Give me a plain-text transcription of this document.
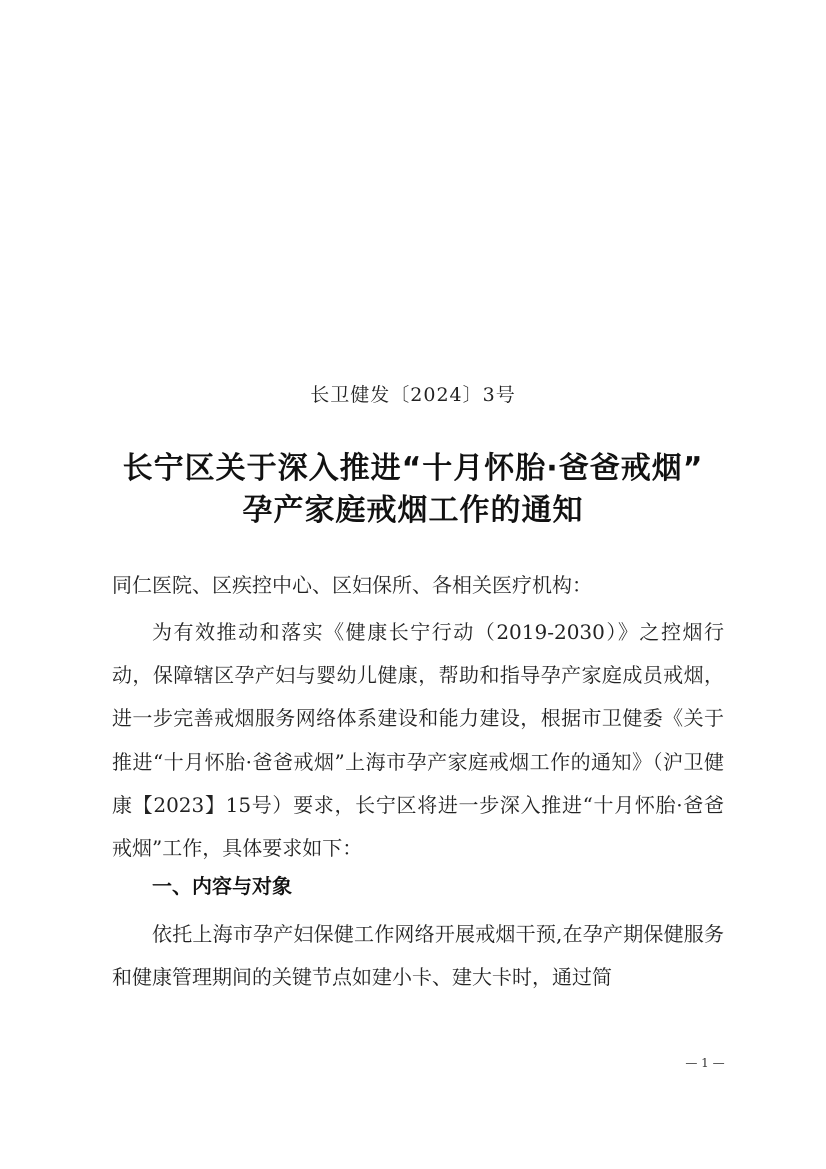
长卫健发〔2024〕3号
长宁区关于深入推进“十月怀胎·爸爸戒烟”
孕产家庭戒烟工作的通知
同仁医院、区疾控中心、区妇保所、各相关医疗机构：
为有效推动和落实《健康长宁行动（2019-2030）》之控烟行动，保障辖区孕产妇与婴幼儿健康，帮助和指导孕产家庭成员戒烟，进一步完善戒烟服务网络体系建设和能力建设，根据市卫健委《关于推进“十月怀胎·爸爸戒烟”上海市孕产家庭戒烟工作的通知》（沪卫健康【2023】15号）要求，长宁区将进一步深入推进“十月怀胎·爸爸戒烟”工作，具体要求如下：
一、内容与对象
依托上海市孕产妇保健工作网络开展戒烟干预,在孕产期保健服务和健康管理期间的关键节点如建小卡、建大卡时，通过简
— 1 —
